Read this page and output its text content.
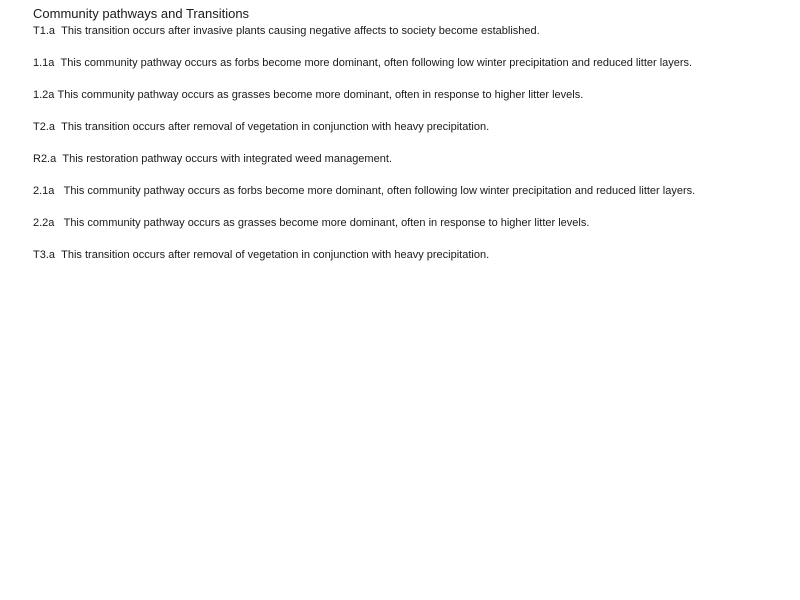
Community pathways and Transitions

T1.a This transition occurs after invasive plants causing negative affects to society become established.

1.1a This community pathway occurs as forbs become more dominant, often following low winter precipitation and reduced litter layers.

1.2a This community pathway occurs as grasses become more dominant, often in response to higher litter levels.

T2.a This transition occurs after removal of vegetation in conjunction with heavy precipitation.

R2.a This restoration pathway occurs with integrated weed management.

2.1a This community pathway occurs as forbs become more dominant, often following low winter precipitation and reduced litter layers.

2.2a This community pathway occurs as grasses become more dominant, often in response to higher litter levels.

T3.a This transition occurs after removal of vegetation in conjunction with heavy precipitation.
